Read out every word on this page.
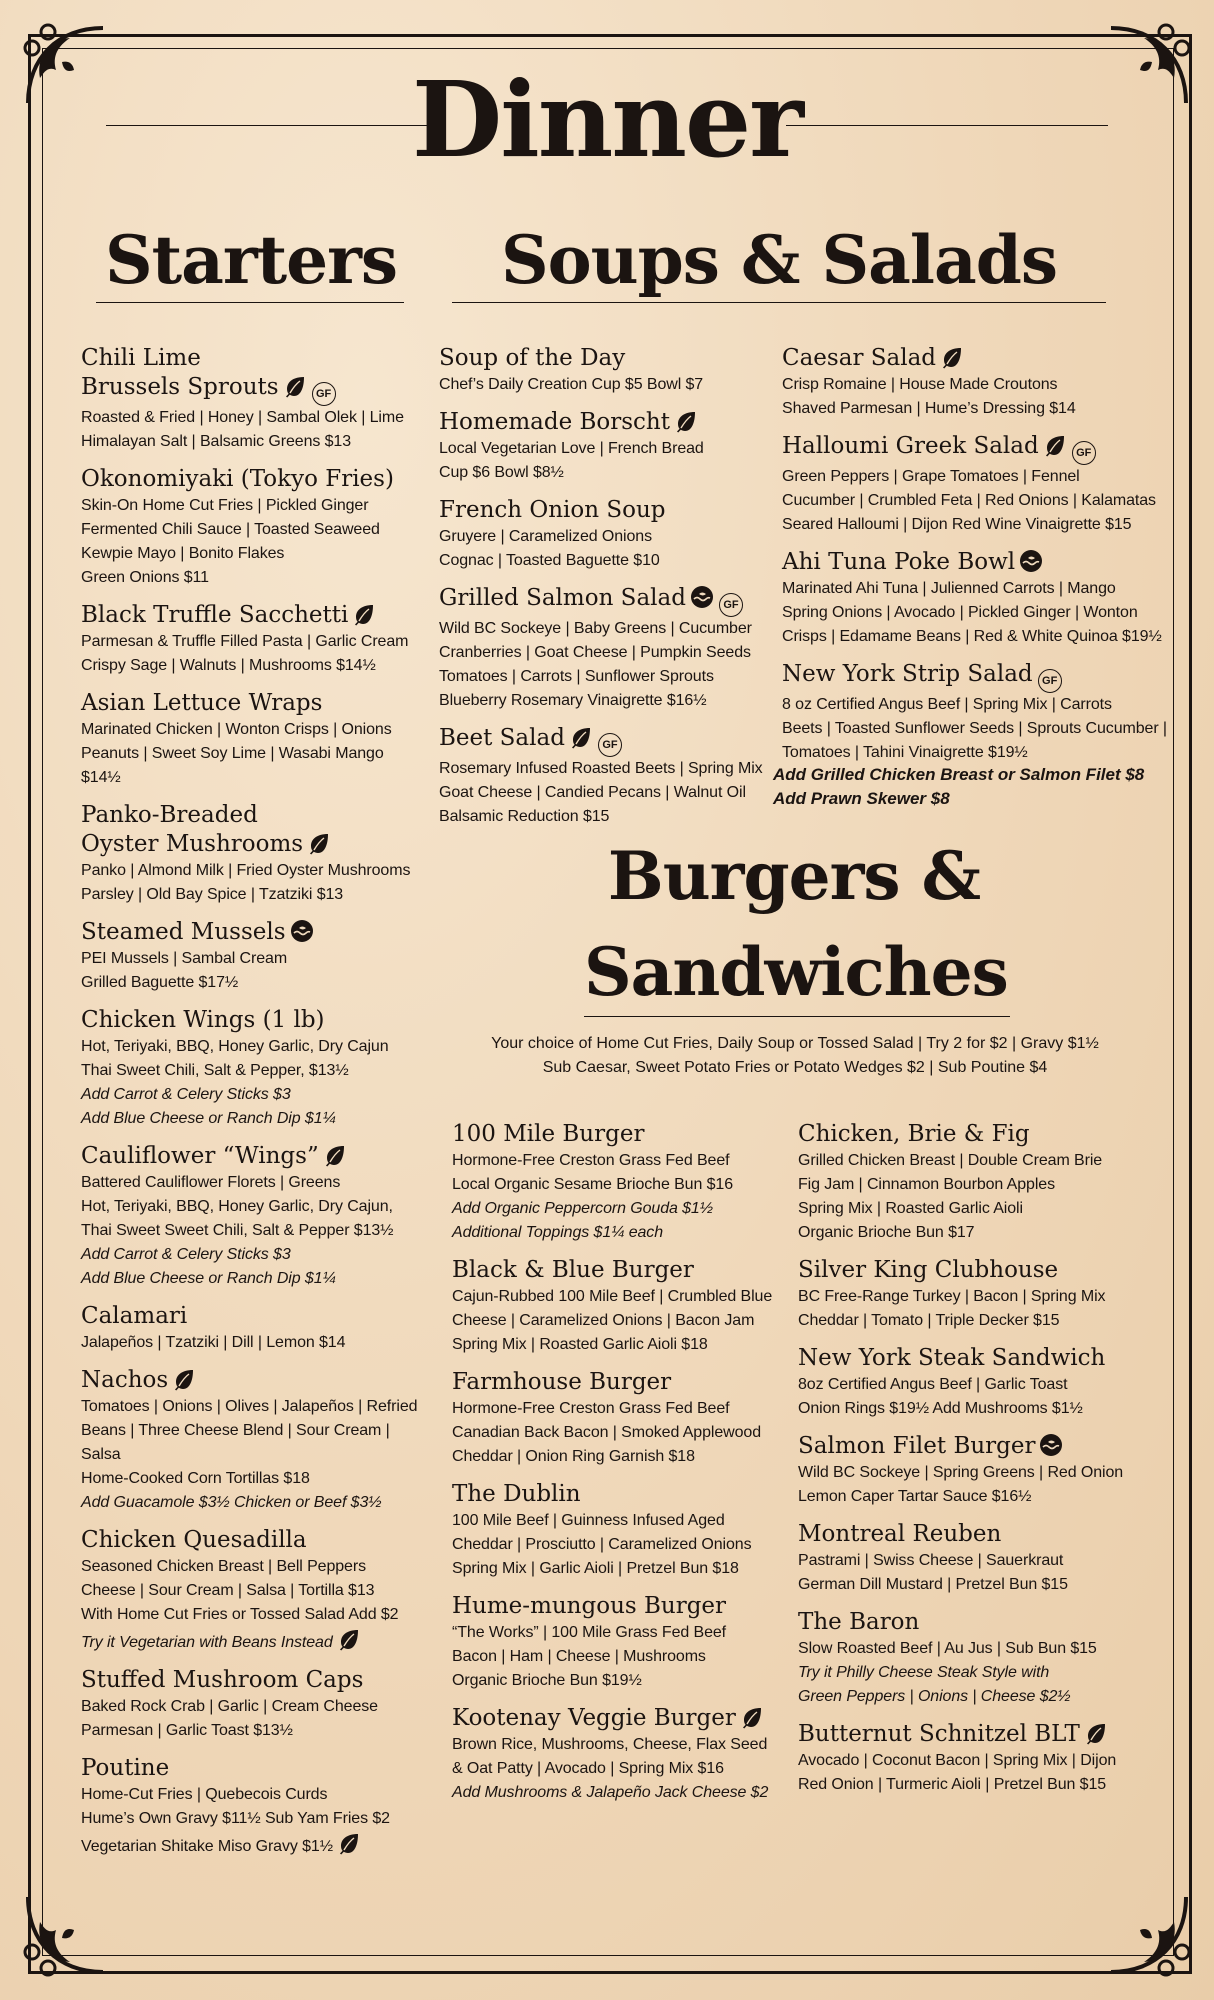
Dinner
Starters	Soups & Salads
Burgers &
Sandwiches
Chili Lime
Brussels Sprouts	GF
Roasted & Fried | Honey | Sambal Olek | Lime
Himalayan Salt | Balsamic Greens $13
Okonomiyaki (Tokyo Fries)
Skin-On Home Cut Fries | Pickled Ginger
Fermented Chili Sauce | Toasted Seaweed
Kewpie Mayo | Bonito Flakes
Green Onions $11
Black Truffle Sacchetti
Parmesan & Truffle Filled Pasta | Garlic Cream
Crispy Sage | Walnuts | Mushrooms $14½
Asian Lettuce Wraps
Marinated Chicken | Wonton Crisps | Onions
Peanuts | Sweet Soy Lime | Wasabi Mango $14½
Panko-Breaded
Oyster Mushrooms
Panko | Almond Milk | Fried Oyster Mushrooms
Parsley | Old Bay Spice | Tzatziki $13
Steamed Mussels
PEI Mussels | Sambal Cream
Grilled Baguette $17½
Chicken Wings (1 lb)
Hot, Teriyaki, BBQ, Honey Garlic, Dry Cajun
Thai Sweet Chili, Salt & Pepper, $13½
Add Carrot & Celery Sticks $3
Add Blue Cheese or Ranch Dip $1¼
Cauliflower “Wings”
Battered Cauliflower Florets | Greens
Hot, Teriyaki, BBQ, Honey Garlic, Dry Cajun,
Thai Sweet Sweet Chili, Salt & Pepper $13½
Add Carrot & Celery Sticks $3
Add Blue Cheese or Ranch Dip $1¼
Calamari
Jalapeños | Tzatziki | Dill | Lemon $14
Nachos
Tomatoes | Onions | Olives | Jalapeños | Refried
Beans | Three Cheese Blend | Sour Cream | Salsa
Home-Cooked Corn Tortillas $18
Add Guacamole $3½ Chicken or Beef $3½
Chicken Quesadilla
Seasoned Chicken Breast | Bell Peppers
Cheese | Sour Cream | Salsa | Tortilla $13
With Home Cut Fries or Tossed Salad Add $2
Try it Vegetarian with Beans Instead
Stuffed Mushroom Caps
Baked Rock Crab | Garlic | Cream Cheese
Parmesan | Garlic Toast $13½
Poutine
Home-Cut Fries | Quebecois Curds
Hume’s Own Gravy $11½ Sub Yam Fries $2
Vegetarian Shitake Miso Gravy $1½
Soup of the Day
Chef’s Daily Creation Cup $5 Bowl $7
Homemade Borscht
Local Vegetarian Love | French Bread
Cup $6 Bowl $8½
French Onion Soup
Gruyere | Caramelized Onions
Cognac | Toasted Baguette $10
Grilled Salmon Salad	GF
Wild BC Sockeye | Baby Greens | Cucumber
Cranberries | Goat Cheese | Pumpkin Seeds
Tomatoes | Carrots | Sunflower Sprouts
Blueberry Rosemary Vinaigrette $16½
Beet Salad	GF
Rosemary Infused Roasted Beets | Spring Mix
Goat Cheese | Candied Pecans | Walnut Oil
Balsamic Reduction $15
Caesar Salad
Crisp Romaine | House Made Croutons
Shaved Parmesan | Hume’s Dressing $14
Halloumi Greek Salad	GF
Green Peppers | Grape Tomatoes | Fennel
Cucumber | Crumbled Feta | Red Onions | Kalamatas
Seared Halloumi | Dijon Red Wine Vinaigrette $15
Ahi Tuna Poke Bowl
Marinated Ahi Tuna | Julienned Carrots | Mango
Spring Onions | Avocado | Pickled Ginger | Wonton
Crisps | Edamame Beans | Red & White Quinoa $19½
New York Strip Salad GF
8 oz Certified Angus Beef | Spring Mix | Carrots
Beets | Toasted Sunflower Seeds | Sprouts Cucumber |
Tomatoes | Tahini Vinaigrette $19½
Add Grilled Chicken Breast or Salmon Filet $8
Add Prawn Skewer $8
Your choice of Home Cut Fries, Daily Soup or Tossed Salad | Try 2 for $2 | Gravy $1½
Sub Caesar, Sweet Potato Fries or Potato Wedges $2 | Sub Poutine $4
100 Mile Burger
Hormone-Free Creston Grass Fed Beef
Local Organic Sesame Brioche Bun $16
Add Organic Peppercorn Gouda $1½
Additional Toppings $1¼ each
Black & Blue Burger
Cajun-Rubbed 100 Mile Beef | Crumbled Blue
Cheese | Caramelized Onions | Bacon Jam
Spring Mix | Roasted Garlic Aioli $18
Farmhouse Burger
Hormone-Free Creston Grass Fed Beef
Canadian Back Bacon | Smoked Applewood
Cheddar | Onion Ring Garnish $18
The Dublin
100 Mile Beef | Guinness Infused Aged
Cheddar | Prosciutto | Caramelized Onions
Spring Mix | Garlic Aioli | Pretzel Bun $18
Hume-mungous Burger
“The Works” | 100 Mile Grass Fed Beef
Bacon | Ham | Cheese | Mushrooms
Organic Brioche Bun $19½
Kootenay Veggie Burger
Brown Rice, Mushrooms, Cheese, Flax Seed
& Oat Patty | Avocado | Spring Mix $16
Add Mushrooms & Jalapeño Jack Cheese $2
Chicken, Brie & Fig
Grilled Chicken Breast | Double Cream Brie
Fig Jam | Cinnamon Bourbon Apples
Spring Mix | Roasted Garlic Aioli
Organic Brioche Bun $17
Silver King Clubhouse
BC Free-Range Turkey | Bacon | Spring Mix
Cheddar | Tomato | Triple Decker $15
New York Steak Sandwich
8oz Certified Angus Beef | Garlic Toast
Onion Rings $19½ Add Mushrooms $1½
Salmon Filet Burger
Wild BC Sockeye | Spring Greens | Red Onion
Lemon Caper Tartar Sauce $16½
Montreal Reuben
Pastrami | Swiss Cheese | Sauerkraut
German Dill Mustard | Pretzel Bun $15
The Baron
Slow Roasted Beef | Au Jus | Sub Bun $15
Try it Philly Cheese Steak Style with
Green Peppers | Onions | Cheese $2½
Butternut Schnitzel BLT
Avocado | Coconut Bacon | Spring Mix | Dijon
Red Onion | Turmeric Aioli | Pretzel Bun $15
